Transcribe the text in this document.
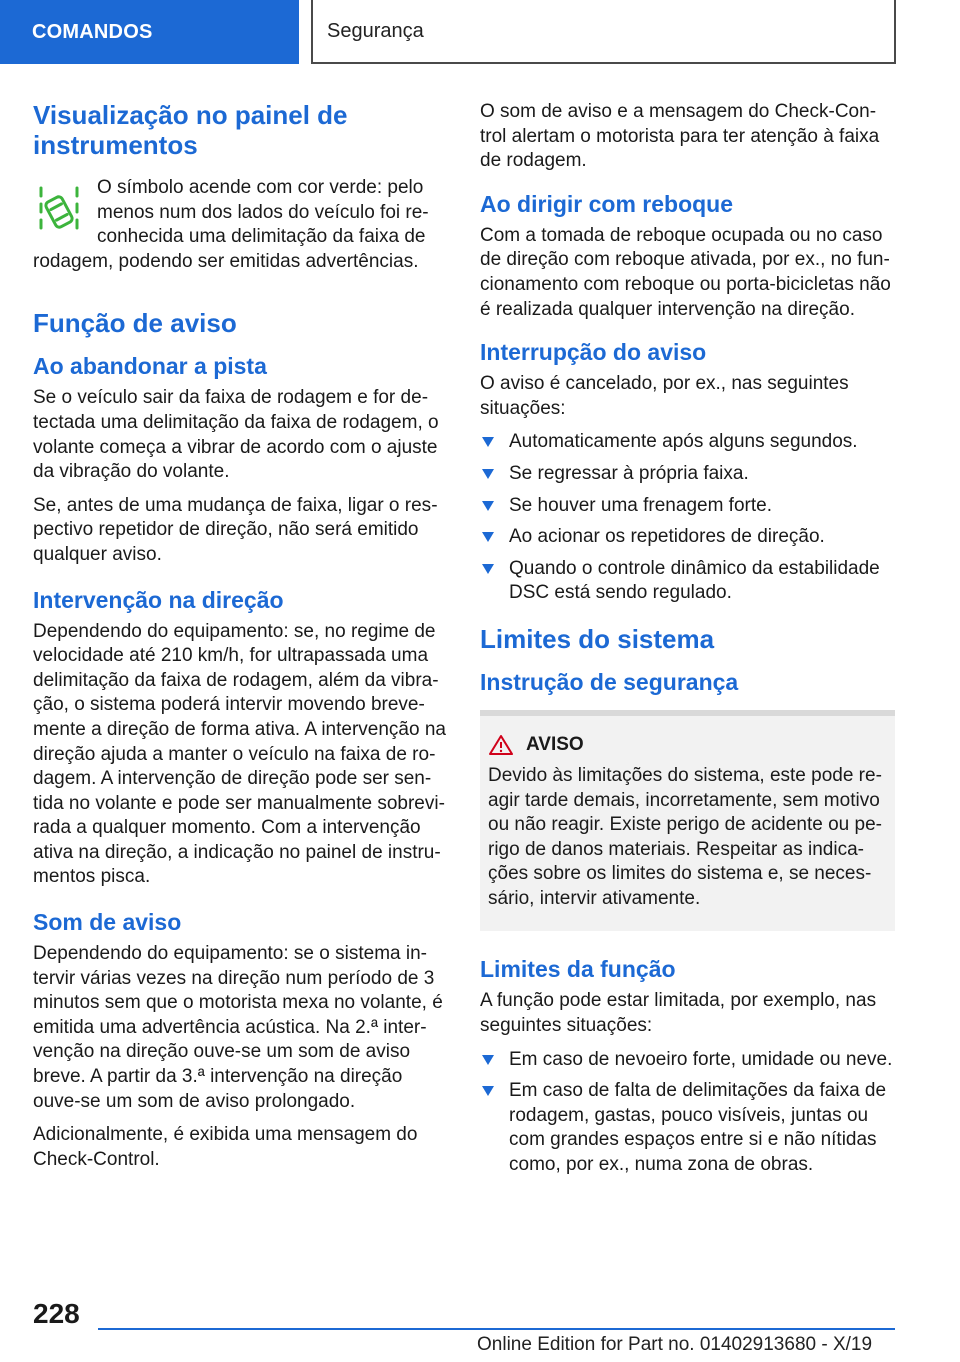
COMANDOS	Segurança
Visualização no painel de instrumentos

O símbolo acende com cor verde: pelo menos num dos lados do veículo foi reconhecida uma delimitação da faixa de rodagem, podendo ser emitidas advertências.

Função de aviso
Ao abandonar a pista

Se o veículo sair da faixa de rodagem e for detectada uma delimitação da faixa de rodagem, o volante começa a vibrar de acordo com o ajuste da vibração do volante.

Se, antes de uma mudança de faixa, ligar o respectivo repetidor de direção, não será emitido qualquer aviso.

Intervenção na direção

Dependendo do equipamento: se, no regime de velocidade até 210 km/h, for ultrapassada uma delimitação da faixa de rodagem, além da vibração, o sistema poderá intervir movendo brevemente a direção de forma ativa. A intervenção na direção ajuda a manter o veículo na faixa de rodagem. A intervenção de direção pode ser sentida no volante e pode ser manualmente sobrevirada a qualquer momento. Com a intervenção ativa na direção, a indicação no painel de instrumentos pisca.

Som de aviso

Dependendo do equipamento: se o sistema intervir várias vezes na direção num período de 3 minutos sem que o motorista mexa no volante, é emitida uma advertência acústica. Na 2.ª intervenção na direção ouve-se um som de aviso breve. A partir da 3.ª intervenção na direção ouve-se um som de aviso prolongado.

Adicionalmente, é exibida uma mensagem do Check-Control.

O som de aviso e a mensagem do Check-Control alertam o motorista para ter atenção à faixa de rodagem.

Ao dirigir com reboque

Com a tomada de reboque ocupada ou no caso de direção com reboque ativada, por ex., no funcionamento com reboque ou porta-bicicletas não é realizada qualquer intervenção na direção.

Interrupção do aviso

O aviso é cancelado, por ex., nas seguintes situações:

Automaticamente após alguns segundos.
Se regressar à própria faixa.
Se houver uma frenagem forte.
Ao acionar os repetidores de direção.
Quando o controle dinâmico da estabilidade DSC está sendo regulado.
Limites do sistema
Instrução de segurança
AVISO

Devido às limitações do sistema, este pode reagir tarde demais, incorretamente, sem motivo ou não reagir. Existe perigo de acidente ou perigo de danos materiais. Respeitar as indicações sobre os limites do sistema e, se necessário, intervir ativamente.

Limites da função

A função pode estar limitada, por exemplo, nas seguintes situações:

Em caso de nevoeiro forte, umidade ou neve.
Em caso de falta de delimitações da faixa de rodagem, gastas, pouco visíveis, juntas ou com grandes espaços entre si e não nítidas como, por ex., numa zona de obras.
228
Online Edition for Part no. 01402913680 - X/19
